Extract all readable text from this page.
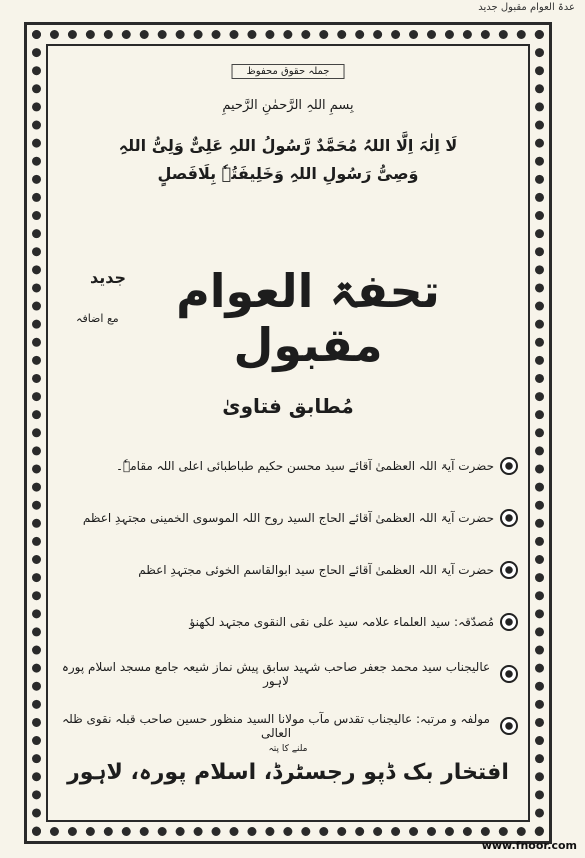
عدۃ العوام مقبول جدید
جملہ حقوق محفوظ
بِسمِ اللہِ الرَّحمٰنِ الرَّحیمِ
لَا اِلٰہَ اِلَّا اللہُ مُحَمَّدٌ رَّسُولُ اللہِ عَلِیٌّ وَلِیُّ اللہِ
وَصِیُّ رَسُولِ اللہِ وَخَلِیفَتُہٗ بِلَافَصلٍ
جدید
مع اضافہ
تحفۃ العوام مقبول
مُطابق فتاویٰ
حضرت آیۃ اللہ العظمیٰ آقائے سید محسن حکیم طباطبائی اعلی اللہ مقامہٗ۔
حضرت آیۃ اللہ العظمیٰ آقائے الحاج السید روح اللہ الموسوی الخمینی مجتہدِ اعظم
حضرت آیۃ اللہ العظمیٰ آقائے الحاج سید ابوالقاسم الخوئی مجتہدِ اعظم
مُصدّقہ: سید العلماء علامہ سید علی نقی النقوی مجتہد لکھنؤ
عالیجناب سید محمد جعفر صاحب شہید سابق پیش نماز شیعہ جامع مسجد اسلام پورہ لاہور
مولفہ و مرتبہ: عالیجناب تقدس مآب مولانا السید منظور حسین صاحب قبلہ نقوی ظلہ العالی
ملنے کا پتہ
افتخار بک ڈپو رجسٹرڈ، اسلام پورہ، لاہور
www.fnoor.com
